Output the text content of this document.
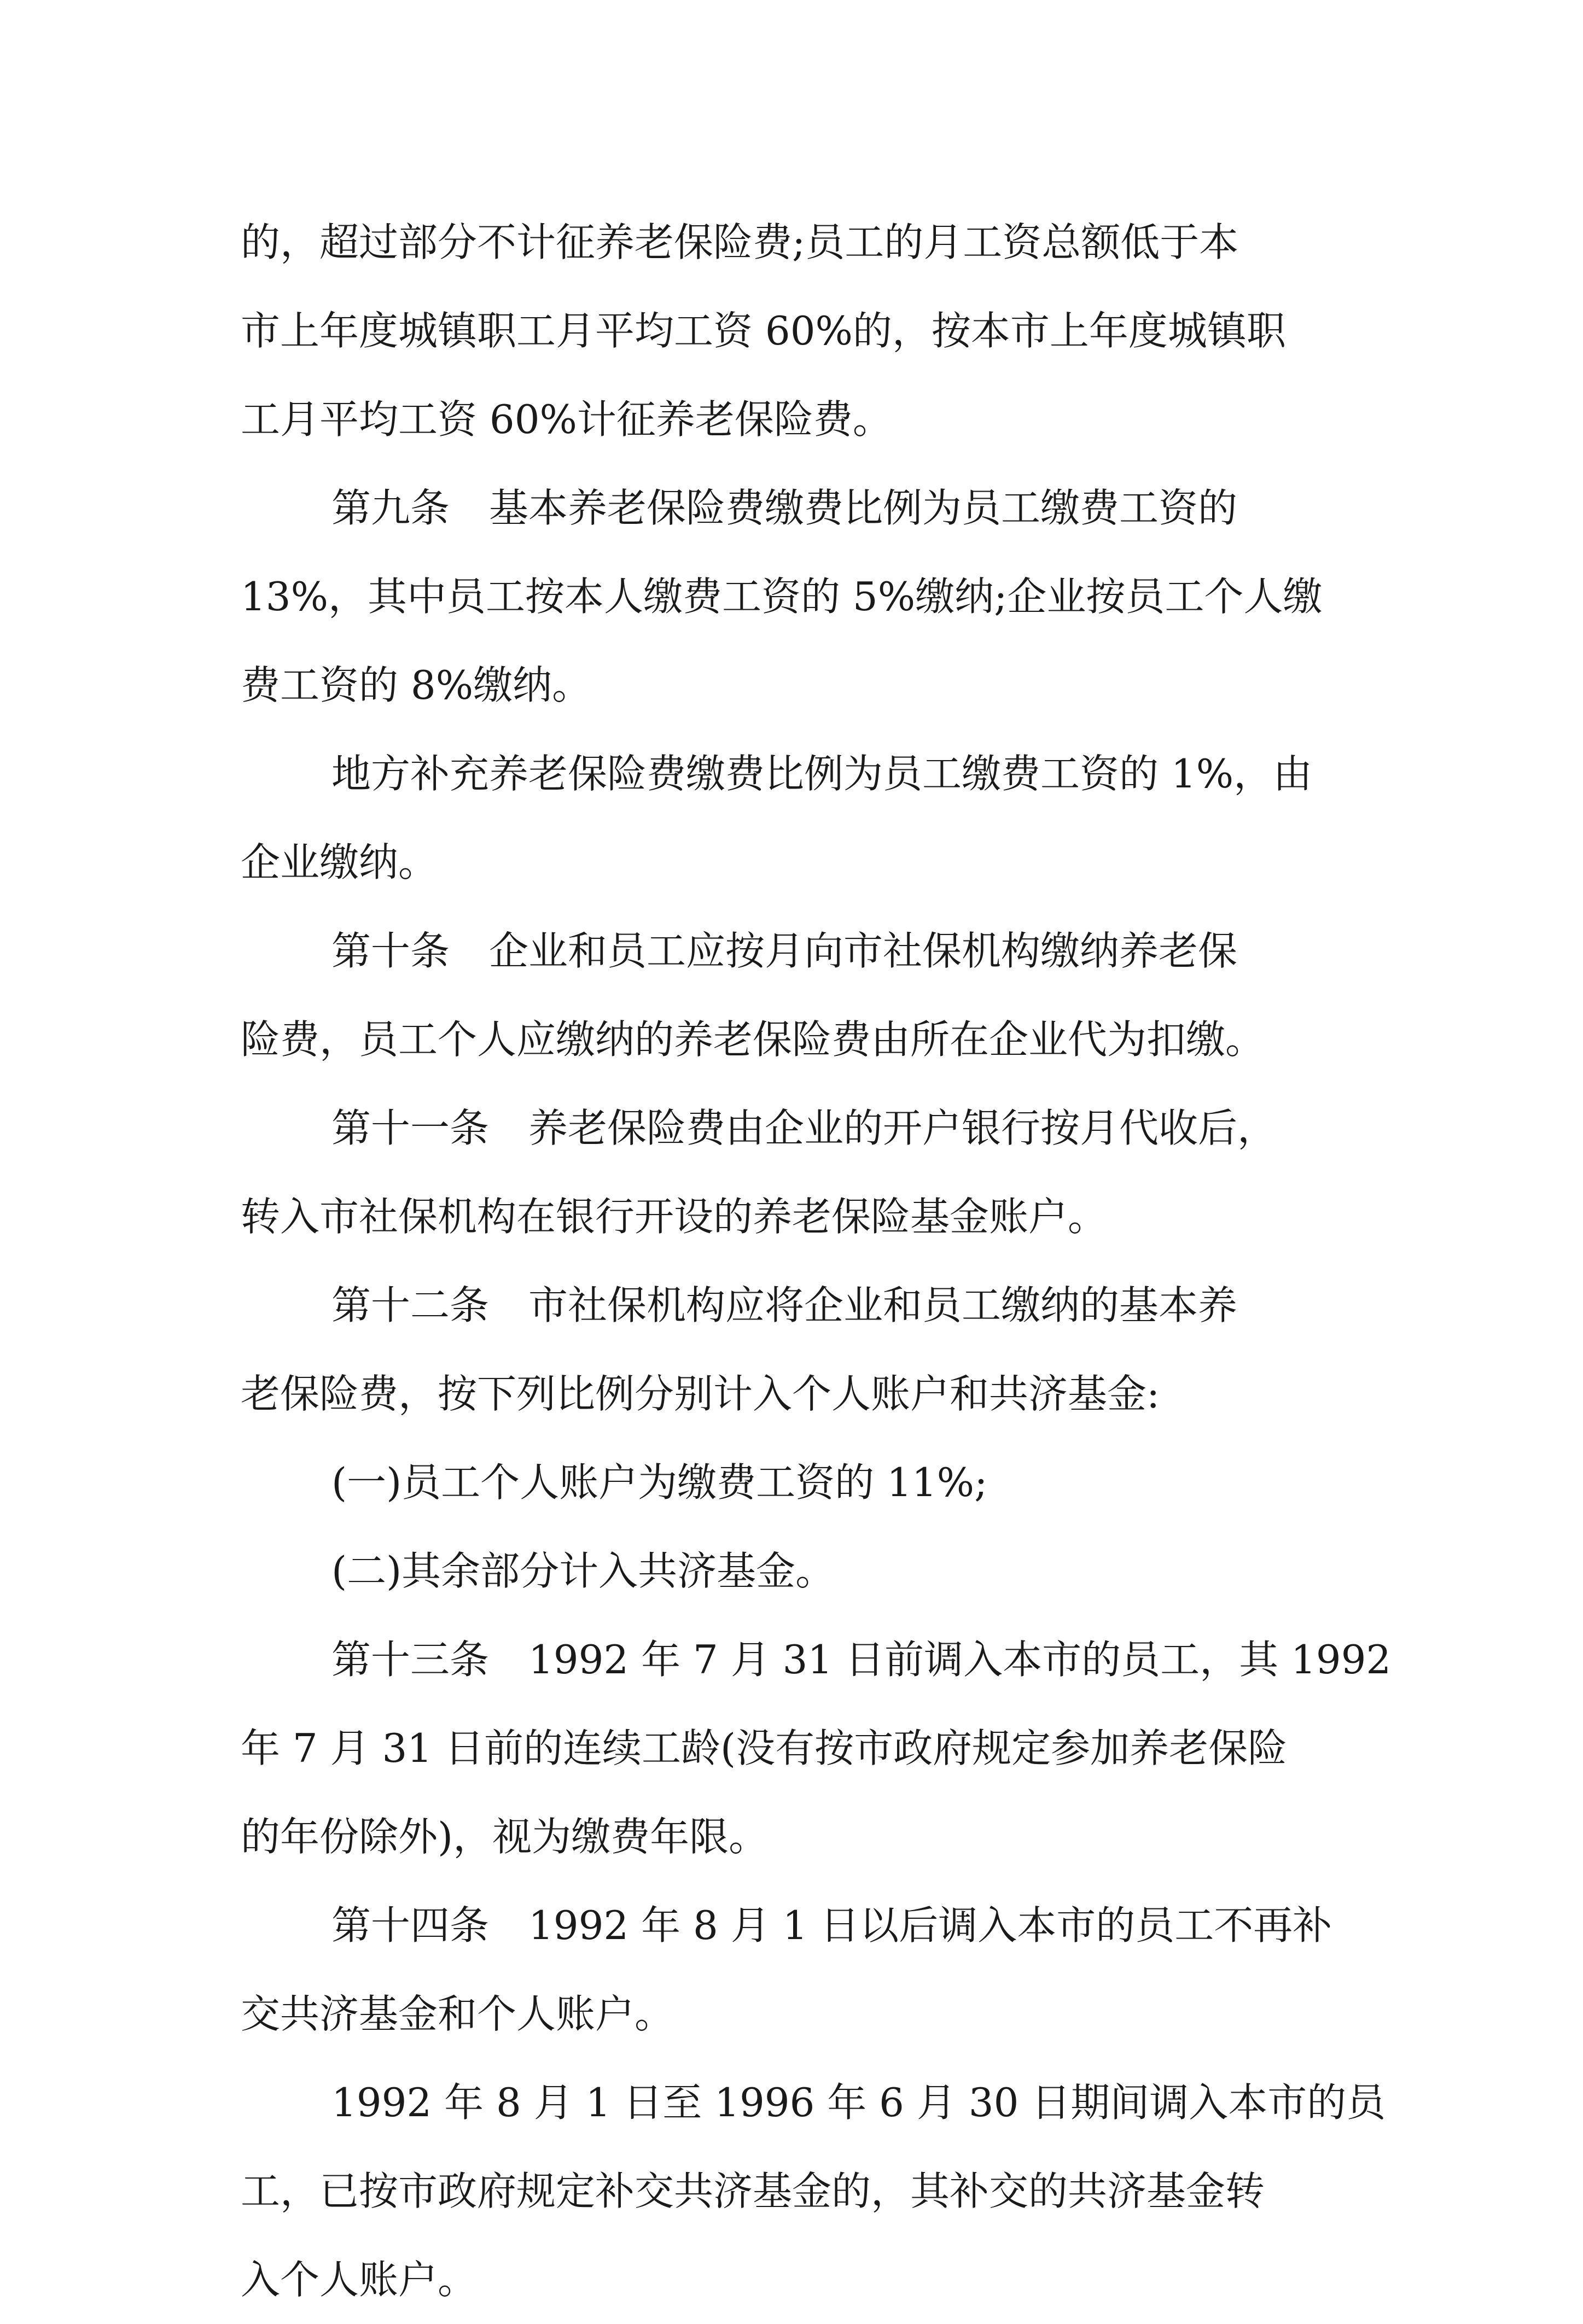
的，超过部分不计征养老保险费;员工的月工资总额低于本
市上年度城镇职工月平均工资 60%的，按本市上年度城镇职
工月平均工资 60%计征养老保险费。
第九条　基本养老保险费缴费比例为员工缴费工资的
13%，其中员工按本人缴费工资的 5%缴纳;企业按员工个人缴
费工资的 8%缴纳。
地方补充养老保险费缴费比例为员工缴费工资的 1%，由
企业缴纳。
第十条　企业和员工应按月向市社保机构缴纳养老保
险费，员工个人应缴纳的养老保险费由所在企业代为扣缴。
第十一条　养老保险费由企业的开户银行按月代收后，
转入市社保机构在银行开设的养老保险基金账户。
第十二条　市社保机构应将企业和员工缴纳的基本养
老保险费，按下列比例分别计入个人账户和共济基金:
(一)员工个人账户为缴费工资的 11%;
(二)其余部分计入共济基金。
第十三条　1992 年 7 月 31 日前调入本市的员工，其 1992
年 7 月 31 日前的连续工龄(没有按市政府规定参加养老保险
的年份除外)，视为缴费年限。
第十四条　1992 年 8 月 1 日以后调入本市的员工不再补
交共济基金和个人账户。
1992 年 8 月 1 日至 1996 年 6 月 30 日期间调入本市的员
工，已按市政府规定补交共济基金的，其补交的共济基金转
入个人账户。
